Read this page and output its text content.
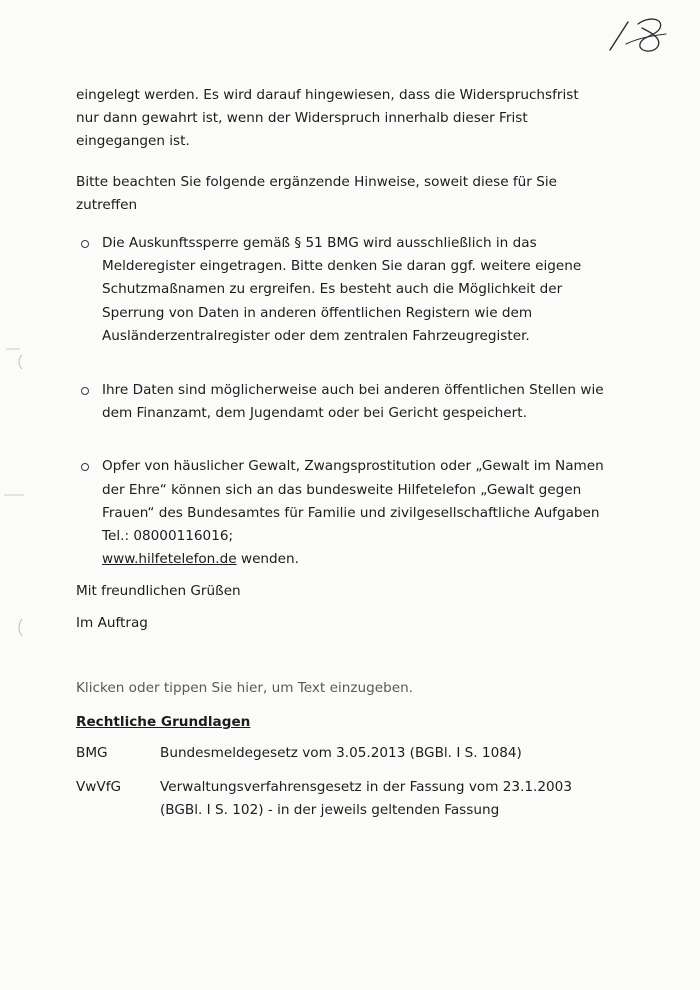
eingelegt werden. Es wird darauf hingewiesen, dass die Widerspruchsfrist nur dann gewahrt ist, wenn der Widerspruch innerhalb dieser Frist eingegangen ist.

Bitte beachten Sie folgende ergänzende Hinweise, soweit diese für Sie zutreffen

Die Auskunftssperre gemäß § 51 BMG wird ausschließlich in das Melderegister eingetragen. Bitte denken Sie daran ggf. weitere eigene Schutzmaßnamen zu ergreifen. Es besteht auch die Möglichkeit der Sperrung von Daten in anderen öffentlichen Registern wie dem Ausländerzentralregister oder dem zentralen Fahrzeugregister.
Ihre Daten sind möglicherweise auch bei anderen öffentlichen Stellen wie dem Finanzamt, dem Jugendamt oder bei Gericht gespeichert.
Opfer von häuslicher Gewalt, Zwangsprostitution oder „Gewalt im Namen der Ehre“ können sich an das bundesweite Hilfetelefon „Gewalt gegen Frauen“ des Bundesamtes für Familie und zivilgesellschaftliche Aufgaben Tel.: 08000116016;
www.hilfetelefon.de wenden.

Mit freundlichen Grüßen

Im Auftrag

Klicken oder tippen Sie hier, um Text einzugeben.

Rechtliche Grundlagen
BMG	Bundesmeldegesetz vom 3.05.2013 (BGBl. I S. 1084)
VwVfG	Verwaltungsverfahrensgesetz in der Fassung vom 23.1.2003 (BGBl. I S. 102) - in der jeweils geltenden Fassung
